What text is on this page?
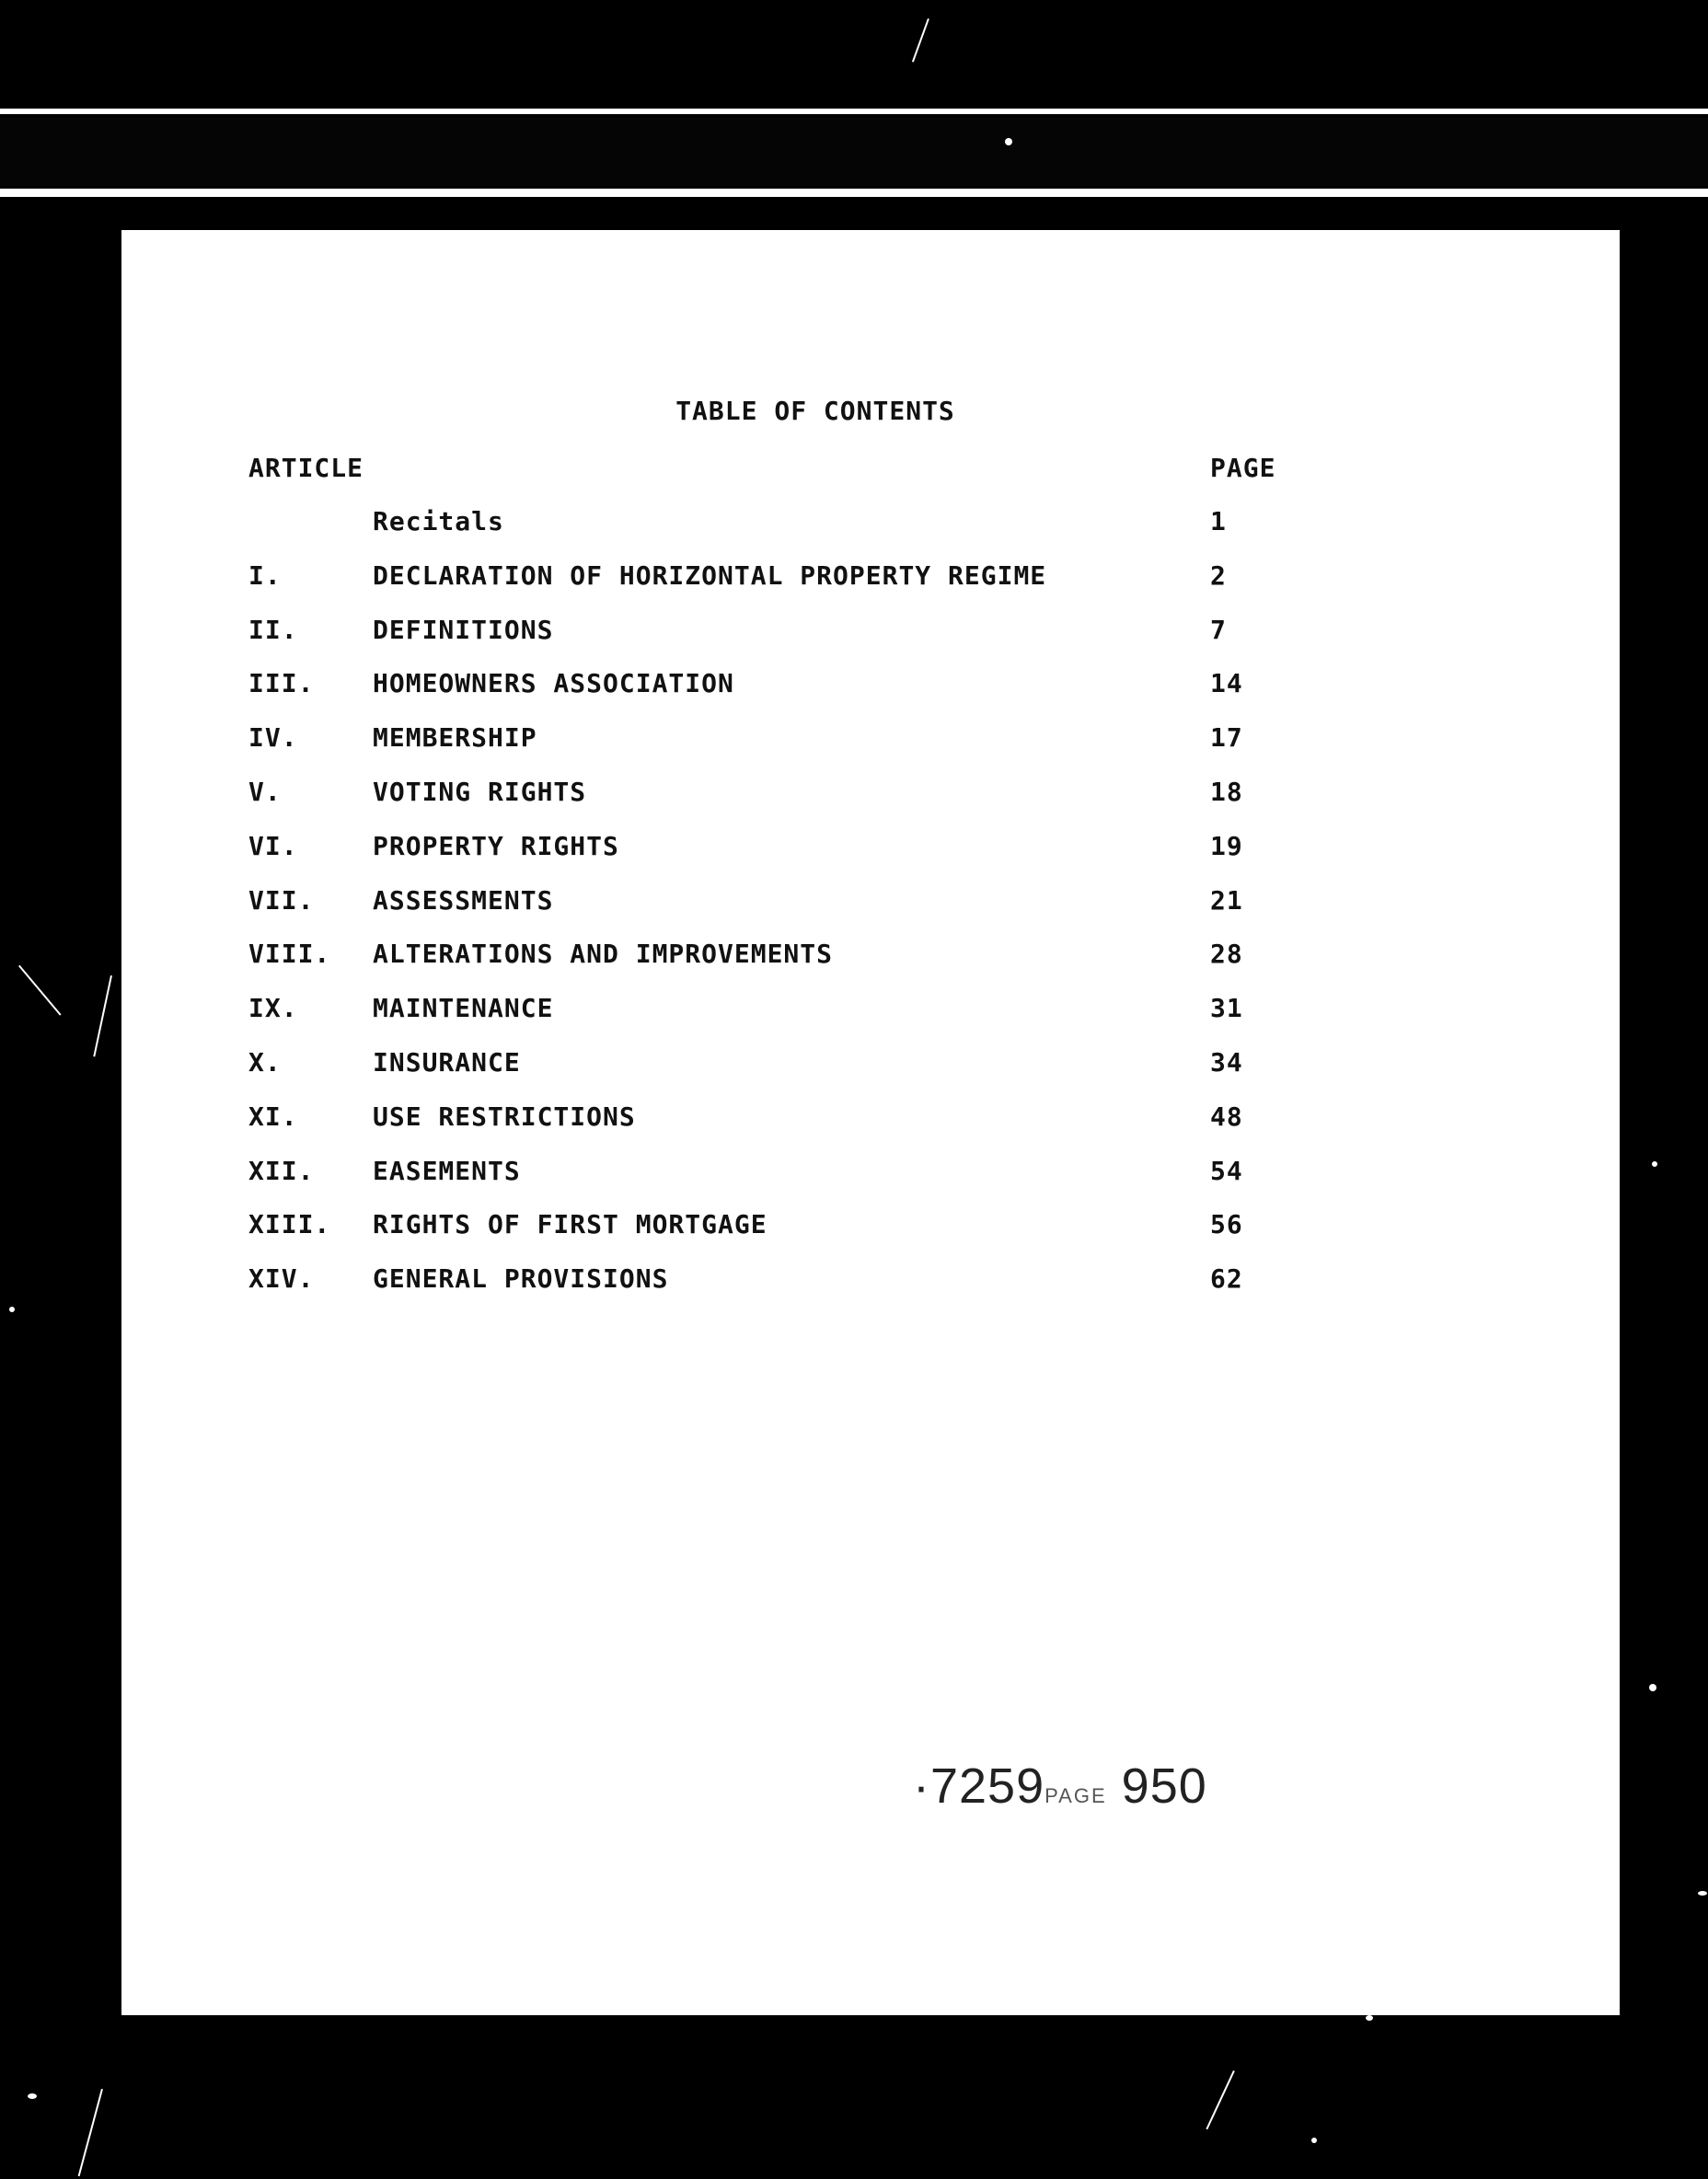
TABLE OF CONTENTS
ARTICLE	PAGE
Recitals	1
I.	DECLARATION OF HORIZONTAL PROPERTY REGIME	2
II.	DEFINITIONS	7
III. HOMEOWNERS ASSOCIATION	14
IV.	MEMBERSHIP	17
V.	VOTING RIGHTS	18
VI.	PROPERTY RIGHTS	19
VII. ASSESSMENTS	21
VIII. ALTERATIONS AND IMPROVEMENTS	28
IX.	MAINTENANCE	31
X.	INSURANCE	34
XI.	USE RESTRICTIONS	48
XII. EASEMENTS	54
XIII. RIGHTS OF FIRST MORTGAGE	56
XIV. GENERAL PROVISIONS	62
·7259PAGE 950
